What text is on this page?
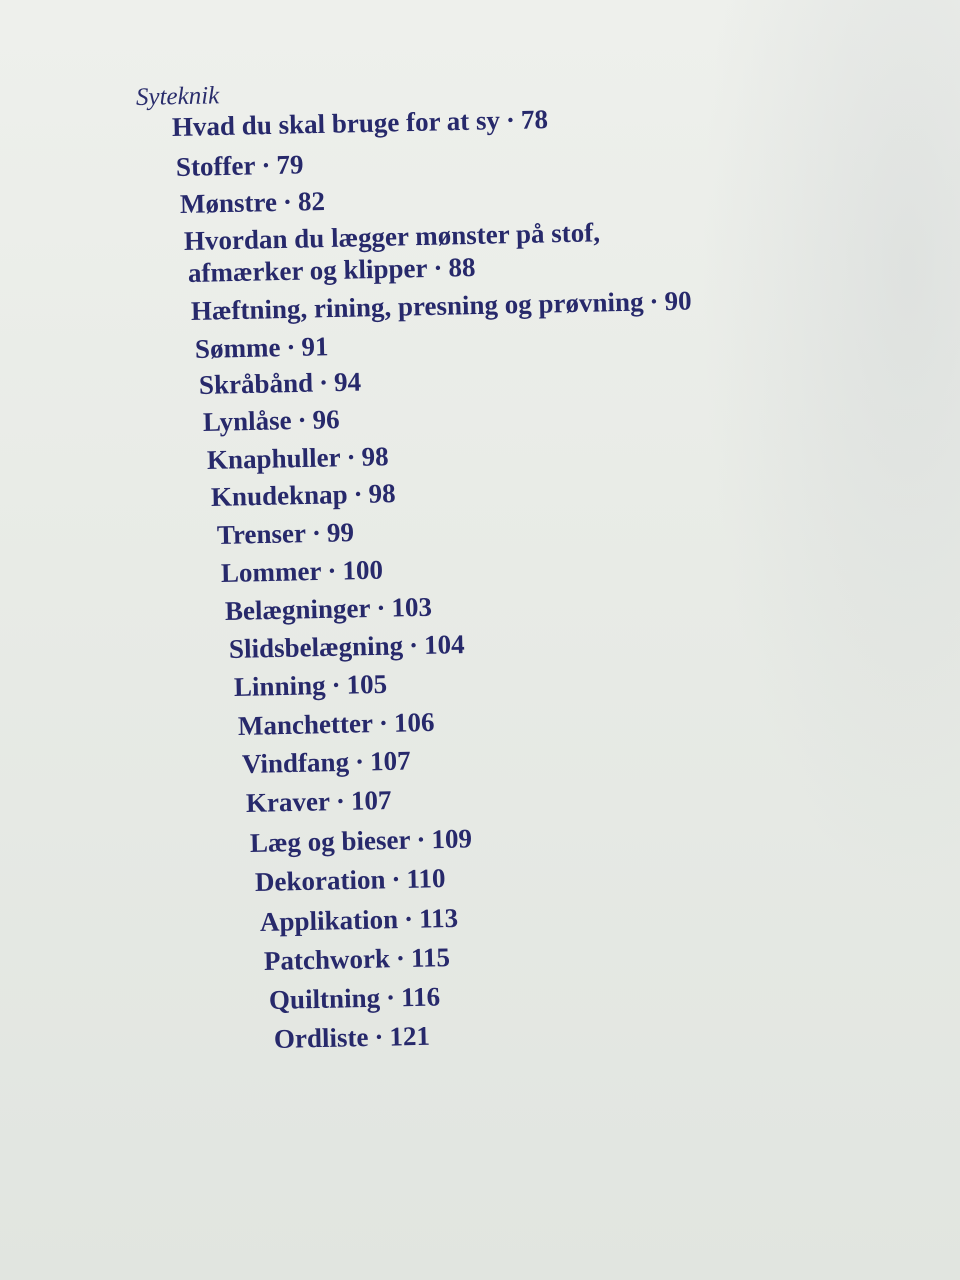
Syteknik
Hvad du skal bruge for at sy · 78
Stoffer · 79
Mønstre · 82
Hvordan du lægger mønster på stof,
afmærker og klipper · 88
Hæftning, rining, presning og prøvning · 90
Sømme · 91
Skråbånd · 94
Lynlåse · 96
Knaphuller · 98
Knudeknap · 98
Trenser · 99
Lommer · 100
Belægninger · 103
Slidsbelægning · 104
Linning · 105
Manchetter · 106
Vindfang · 107
Kraver · 107
Læg og bieser · 109
Dekoration · 110
Applikation · 113
Patchwork · 115
Quiltning · 116
Ordliste · 121
